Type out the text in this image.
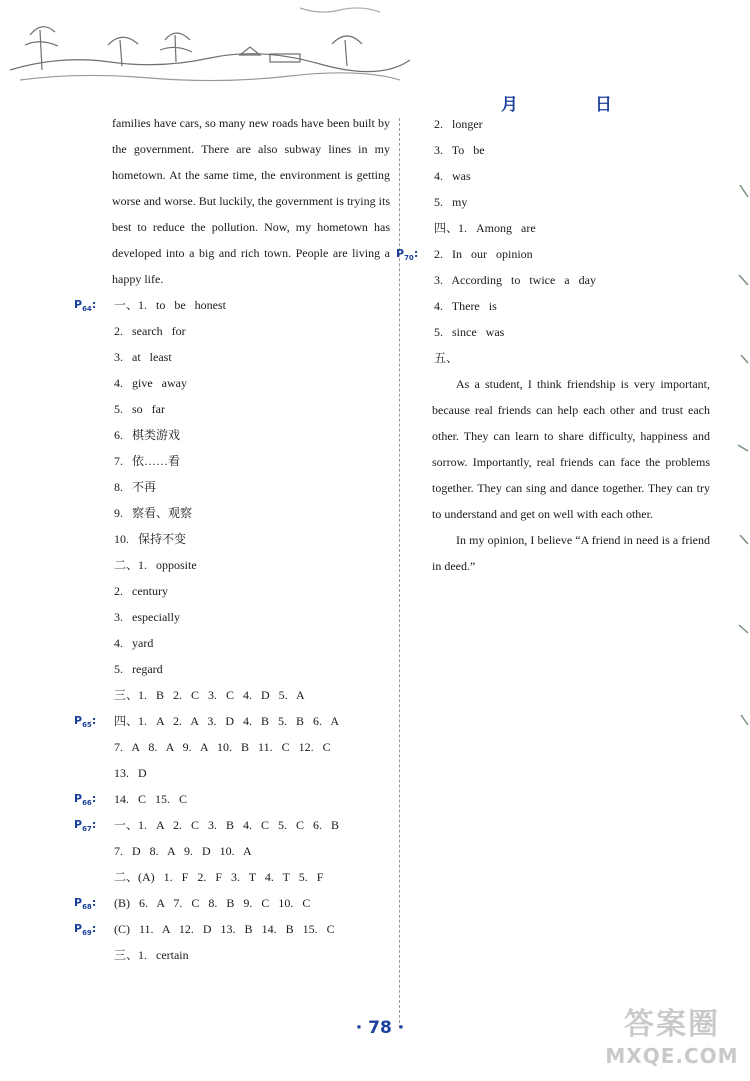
月	日
families have cars, so many new roads have been built by the government. There are also subway lines in my hometown. At the same time, the environment is getting worse and worse. But luckily, the government is trying its best to reduce the pollution. Now, my hometown has developed into a big and rich town. People are living a happy life.
$P_{64}$: 一、1. to be honest
2. search for
3. at least
4. give away
5. so far
6. 棋类游戏
7. 依……看
8. 不再
9. 察看、观察
10. 保持不变
二、1. opposite
2. century
3. especially
4. yard
5. regard
三、1. B 2. C 3. C 4. D 5. A
$P_{65}$: 四、1. A 2. A 3. D 4. B 5. B 6. A
7. A 8. A 9. A 10. B 11. C 12. C
13. D
$P_{66}$: 14. C 15. C
$P_{67}$: 一、1. A 2. C 3. B 4. C 5. C 6. B
7. D 8. A 9. D 10. A
二、(A) 1. F 2. F 3. T 4. T 5. F
$P_{68}$: (B) 6. A 7. C 8. B 9. C 10. C
$P_{69}$: (C) 11. A 12. D 13. B 14. B 15. C
三、1. certain
2. longer
3. To be
4. was
5. my
四、1. Among are
$P_{70}$: 2. In our opinion
3. According to twice a day
4. There is
5. since was
五、
As a student, I think friendship is very important, because real friends can help each other and trust each other. They can learn to share difficulty, happiness and sorrow. Importantly, real friends can face the problems together. They can sing and dance together. They can try to understand and get on well with each other.
In my opinion, I believe “A friend in need is a friend in deed.”
· 78 ·	答案圈
MXQE.COM
